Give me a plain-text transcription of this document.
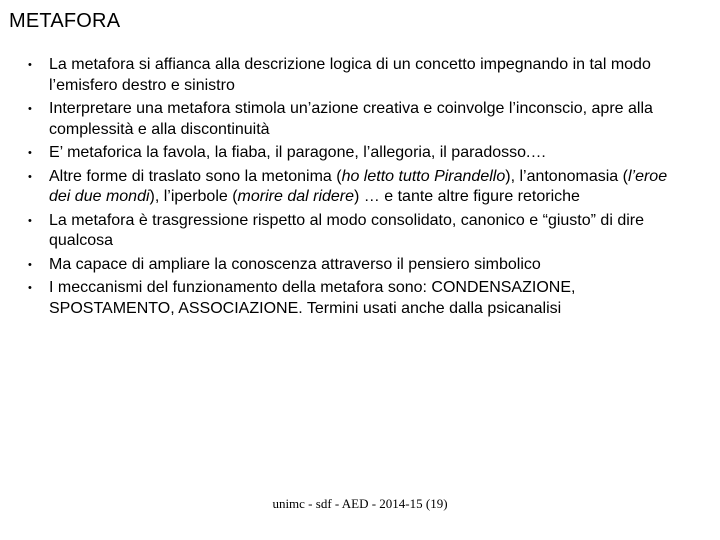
METAFORA
• La metafora si affianca alla descrizione logica di un concetto impegnando in tal modo l’emisfero destro e sinistro
• Interpretare una metafora stimola un’azione creativa e coinvolge l’inconscio, apre alla complessità e alla discontinuità
• E’ metaforica la favola, la fiaba, il paragone, l’allegoria, il paradosso.…
• Altre forme di traslato sono la metonima (ho letto tutto Pirandello), l’antonomasia (l’eroe dei due mondi), l’iperbole (morire dal ridere) … e tante altre figure retoriche
• La metafora è trasgressione rispetto al modo consolidato, canonico e “giusto” di dire qualcosa
• Ma capace di ampliare la conoscenza attraverso il pensiero simbolico
• I meccanismi del funzionamento della metafora sono: CONDENSAZIONE, SPOSTAMENTO, ASSOCIAZIONE. Termini usati anche dalla psicanalisi
unimc - sdf - AED - 2014-15 (19)
